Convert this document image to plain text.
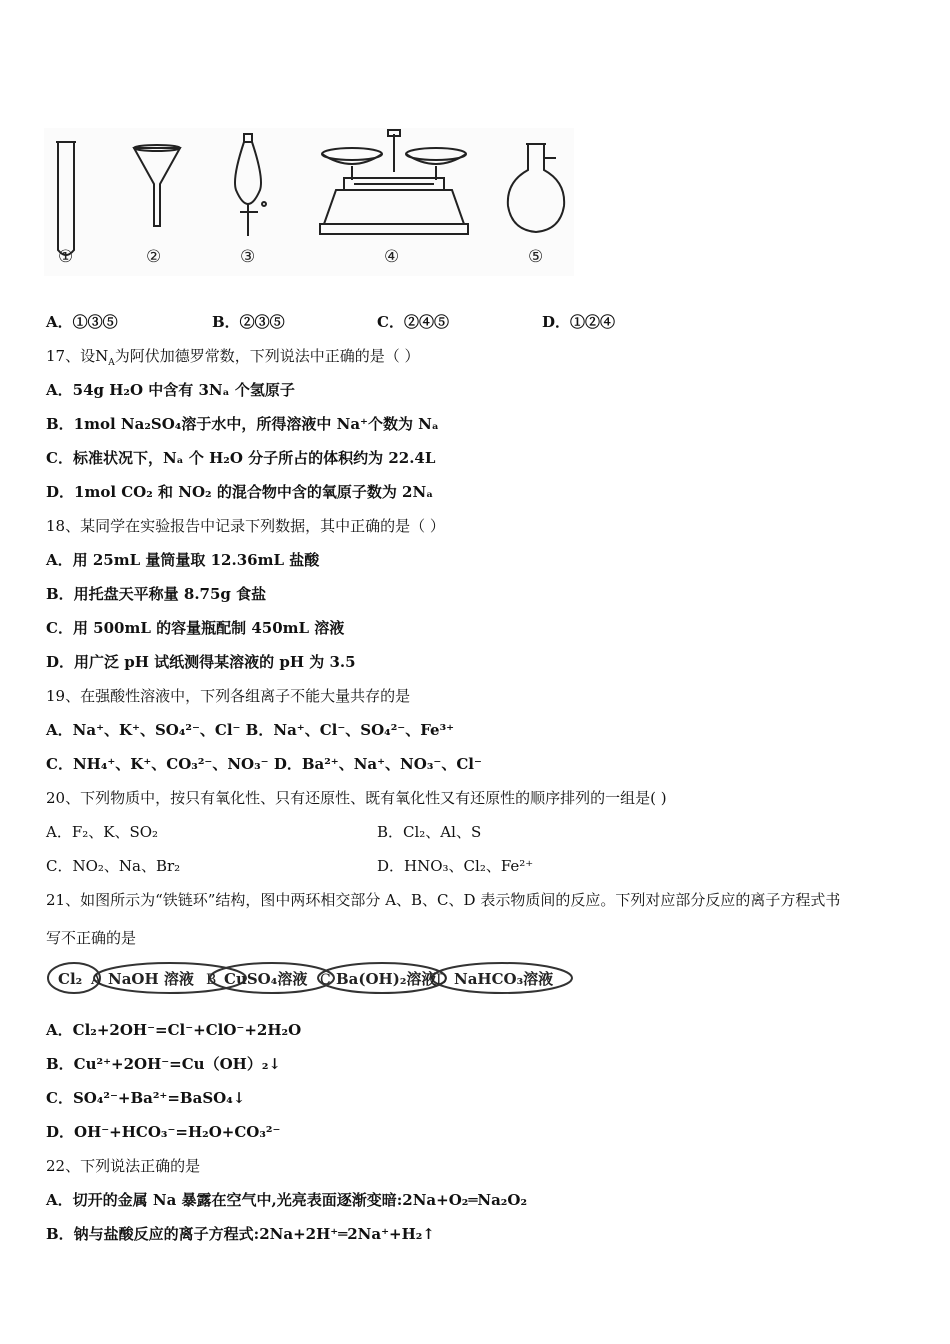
①	②	③	④	⑤
A．①③⑤	B．②③⑤	C．②④⑤	D．①②④
17、设$N_A$为阿伏加德罗常数，下列说法中正确的是（ ）
A．54g H₂O 中含有 3Nₐ 个氢原子
B．1mol Na₂SO₄溶于水中，所得溶液中 Na⁺个数为 Nₐ
C．标准状况下，Nₐ 个 H₂O 分子所占的体积约为 22.4L
D．1mol CO₂ 和 NO₂ 的混合物中含的氧原子数为 2Nₐ
18、某同学在实验报告中记录下列数据，其中正确的是（ ）
A．用 25mL 量筒量取 12.36mL 盐酸
B．用托盘天平称量 8.75g 食盐
C．用 500mL 的容量瓶配制 450mL 溶液
D．用广泛 pH 试纸测得某溶液的 pH 为 3.5
19、在强酸性溶液中，下列各组离子不能大量共存的是
A．Na⁺、K⁺、SO₄²⁻、Cl⁻ B．Na⁺、Cl⁻、SO₄²⁻、Fe³⁺
C．NH₄⁺、K⁺、CO₃²⁻、NO₃⁻ D．Ba²⁺、Na⁺、NO₃⁻、Cl⁻
20、下列物质中，按只有氧化性、只有还原性、既有氧化性又有还原性的顺序排列的一组是( )
A．F₂、K、SO₂	B．Cl₂、Al、S
C．NO₂、Na、Br₂	D．HNO₃、Cl₂、Fe²⁺
21、如图所示为“铁链环”结构，图中两环相交部分 A、B、C、D 表示物质间的反应。下列对应部分反应的离子方程式书
写不正确的是
Cl₂ A NaOH 溶液 B CuSO₄溶液 C Ba(OH)₂溶液 D NaHCO₃溶液
A．Cl₂+2OH⁻=Cl⁻+ClO⁻+2H₂O
B．Cu²⁺+2OH⁻=Cu（OH）₂↓
C．SO₄²⁻+Ba²⁺=BaSO₄↓
D．OH⁻+HCO₃⁻=H₂O+CO₃²⁻
22、下列说法正确的是
A．切开的金属 Na 暴露在空气中,光亮表面逐渐变暗:2Na+O₂═Na₂O₂
B．钠与盐酸反应的离子方程式:2Na+2H⁺═2Na⁺+H₂↑
